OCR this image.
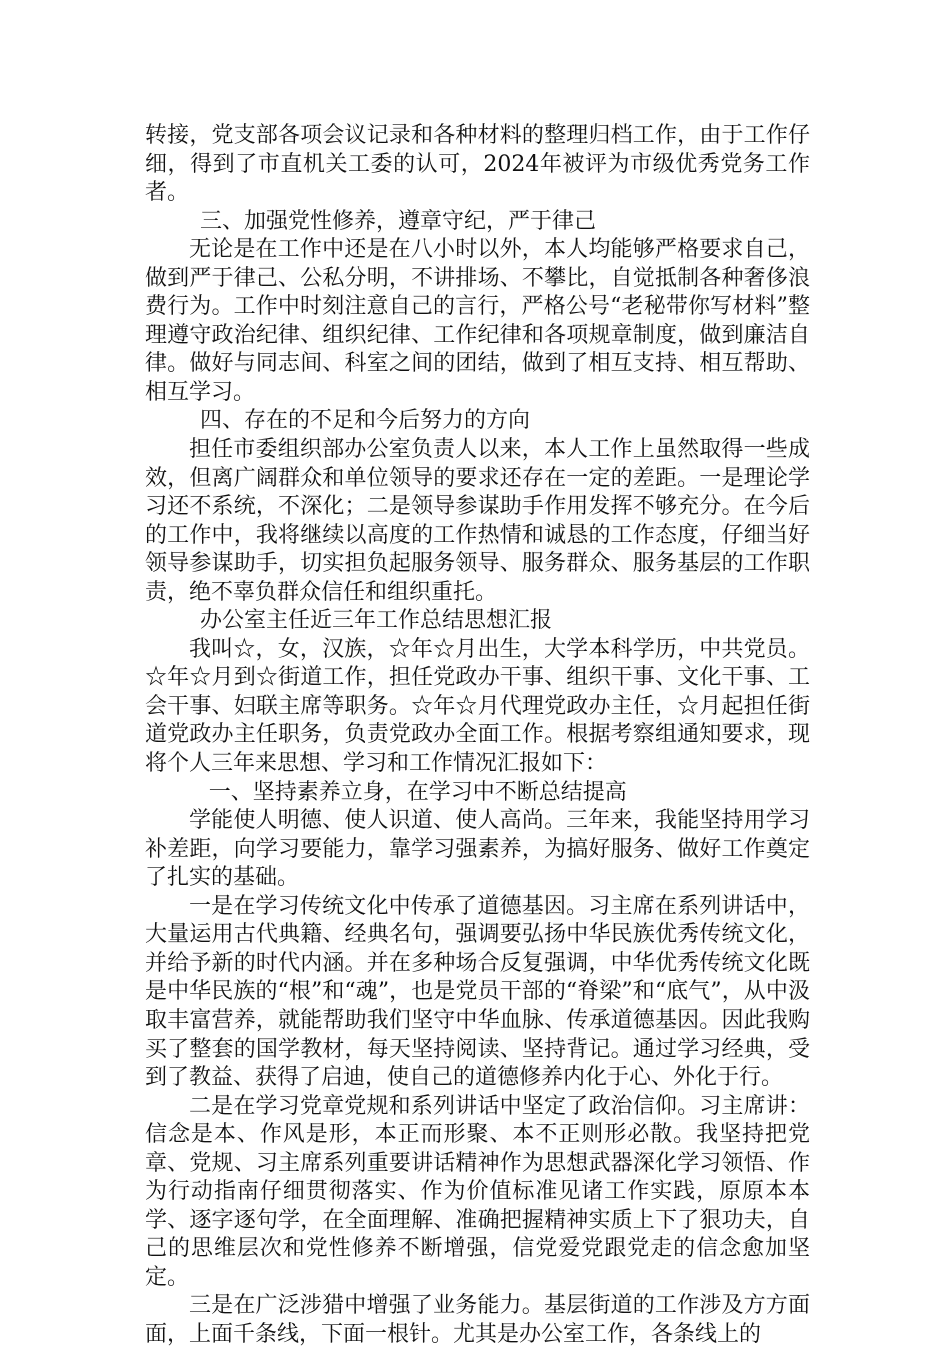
转接，党支部各项会议记录和各种材料的整理归档工作，由于工作仔细，得到了市直机关工委的认可，2024年被评为市级优秀党务工作者。

三、加强党性修养，遵章守纪，严于律己

无论是在工作中还是在八小时以外，本人均能够严格要求自己，做到严于律己、公私分明，不讲排场、不攀比，自觉抵制各种奢侈浪费行为。工作中时刻注意自己的言行，严格公号“老秘带你写材料”整理遵守政治纪律、组织纪律、工作纪律和各项规章制度，做到廉洁自律。做好与同志间、科室之间的团结，做到了相互支持、相互帮助、相互学习。

四、存在的不足和今后努力的方向

担任市委组织部办公室负责人以来，本人工作上虽然取得一些成效，但离广阔群众和单位领导的要求还存在一定的差距。一是理论学习还不系统，不深化；二是领导参谋助手作用发挥不够充分。在今后的工作中，我将继续以高度的工作热情和诚恳的工作态度，仔细当好领导参谋助手，切实担负起服务领导、服务群众、服务基层的工作职责，绝不辜负群众信任和组织重托。

办公室主任近三年工作总结思想汇报

我叫☆，女，汉族，☆年☆月出生，大学本科学历，中共党员。☆年☆月到☆街道工作，担任党政办干事、组织干事、文化干事、工会干事、妇联主席等职务。☆年☆月代理党政办主任，☆月起担任街道党政办主任职务，负责党政办全面工作。根据考察组通知要求，现将个人三年来思想、学习和工作情况汇报如下：

一、坚持素养立身，在学习中不断总结提高

学能使人明德、使人识道、使人高尚。三年来，我能坚持用学习补差距，向学习要能力，靠学习强素养，为搞好服务、做好工作奠定了扎实的基础。

一是在学习传统文化中传承了道德基因。习主席在系列讲话中，大量运用古代典籍、经典名句，强调要弘扬中华民族优秀传统文化，并给予新的时代内涵。并在多种场合反复强调，中华优秀传统文化既是中华民族的“根”和“魂”，也是党员干部的“脊梁”和“底气”，从中汲取丰富营养，就能帮助我们坚守中华血脉、传承道德基因。因此我购买了整套的国学教材，每天坚持阅读、坚持背记。通过学习经典，受到了教益、获得了启迪，使自己的道德修养内化于心、外化于行。

二是在学习党章党规和系列讲话中坚定了政治信仰。习主席讲：信念是本、作风是形，本正而形聚、本不正则形必散。我坚持把党章、党规、习主席系列重要讲话精神作为思想武器深化学习领悟、作为行动指南仔细贯彻落实、作为价值标准见诸工作实践，原原本本学、逐字逐句学，在全面理解、准确把握精神实质上下了狠功夫，自己的思维层次和党性修养不断增强，信党爱党跟党走的信念愈加坚定。

三是在广泛涉猎中增强了业务能力。基层街道的工作涉及方方面面，上面千条线，下面一根针。尤其是办公室工作，各条线上的
